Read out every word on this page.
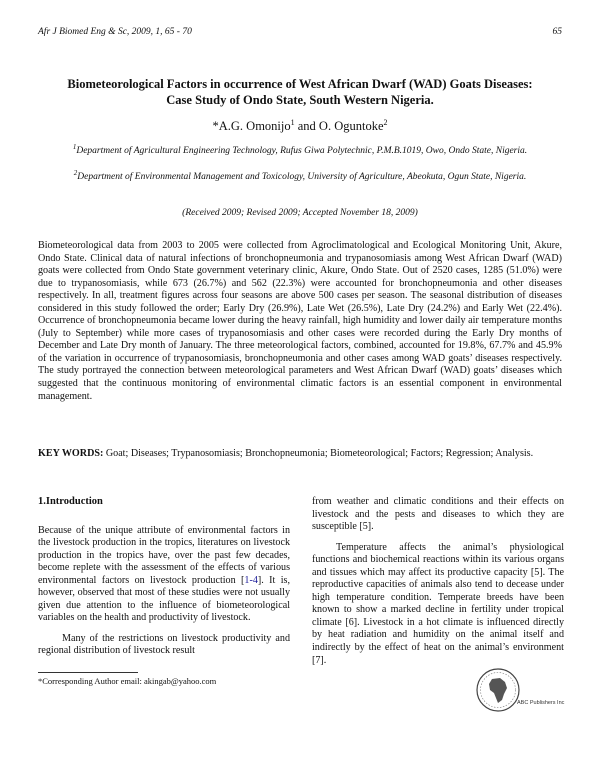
Afr J Biomed Eng & Sc, 2009, 1, 65 - 70	65
Biometeorological Factors in occurrence of West African Dwarf (WAD) Goats Diseases:
Case Study of Ondo State, South Western Nigeria.
*A.G. Omonijo$^1$ and O. Oguntoke$^2$
$^1$Department of Agricultural Engineering Technology, Rufus Giwa Polytechnic, P.M.B.1019, Owo, Ondo State, Nigeria.
$^2$Department of Environmental Management and Toxicology, University of Agriculture, Abeokuta, Ogun State, Nigeria.
(Received 2009; Revised 2009; Accepted November 18, 2009)

Biometeorological data from 2003 to 2005 were collected from Agroclimatological and Ecological Monitoring Unit, Akure, Ondo State. Clinical data of natural infections of bronchopneumonia and trypanosomiasis among West African Dwarf (WAD) goats were collected from Ondo State government veterinary clinic, Akure, Ondo State. Out of 2520 cases, 1285 (51.0%) were due to trypanosomiasis, while 673 (26.7%) and 562 (22.3%) were accounted for bronchopneumonia and other diseases respectively. In all, treatment figures across four seasons are above 500 cases per season. The seasonal distribution of diseases considered in this study followed the order; Early Dry (26.9%), Late Wet (26.5%), Late Dry (24.2%) and Early Wet (22.4%). Occurrence of bronchopneumonia became lower during the heavy rainfall, high humidity and lower daily air temperature months (July to September) while more cases of trypanosomiasis and other cases were recorded during the Early Dry months of December and Late Dry month of January. The three meteorological factors, combined, accounted for 19.8%, 67.7% and 45.9% of the variation in occurrence of trypanosomiasis, bronchopneumonia and other cases among WAD goats’ diseases respectively. The study portrayed the connection between meteorological parameters and West African Dwarf (WAD) goats’ diseases which suggested that the continuous monitoring of environmental climatic factors is an essential component in environmental management.

KEY WORDS: Goat; Diseases; Trypanosomiasis; Bronchopneumonia; Biometeorological; Factors; Regression; Analysis.

1.Introduction

Because of the unique attribute of environmental factors in the livestock production in the tropics, literatures on livestock production in the tropics have, over the past few decades, become replete with the assessment of the effects of various environmental factors on livestock production [1-4]. It is, however, observed that most of these studies were not usually given due attention to the influence of biometeorological variables on the health and productivity of livestock.

Many of the restrictions on livestock productivity and regional distribution of livestock result

from weather and climatic conditions and their effects on livestock and the pests and diseases to which they are susceptible [5].

Temperature affects the animal’s physiological functions and biochemical reactions within its various organs and tissues which may affect its productive capacity [5]. The reproductive capacities of animals also tend to decease under high temperature condition. Temperate breeds have been known to show a marked decline in fertility under tropical climate [6]. Livestock in a hot climate is influenced directly by heat radiation and humidity on the animal itself and indirectly by the effect of heat on the animal’s environment [7].

*Corresponding Author email: akingab@yahoo.com
ABC Publishers Inc
